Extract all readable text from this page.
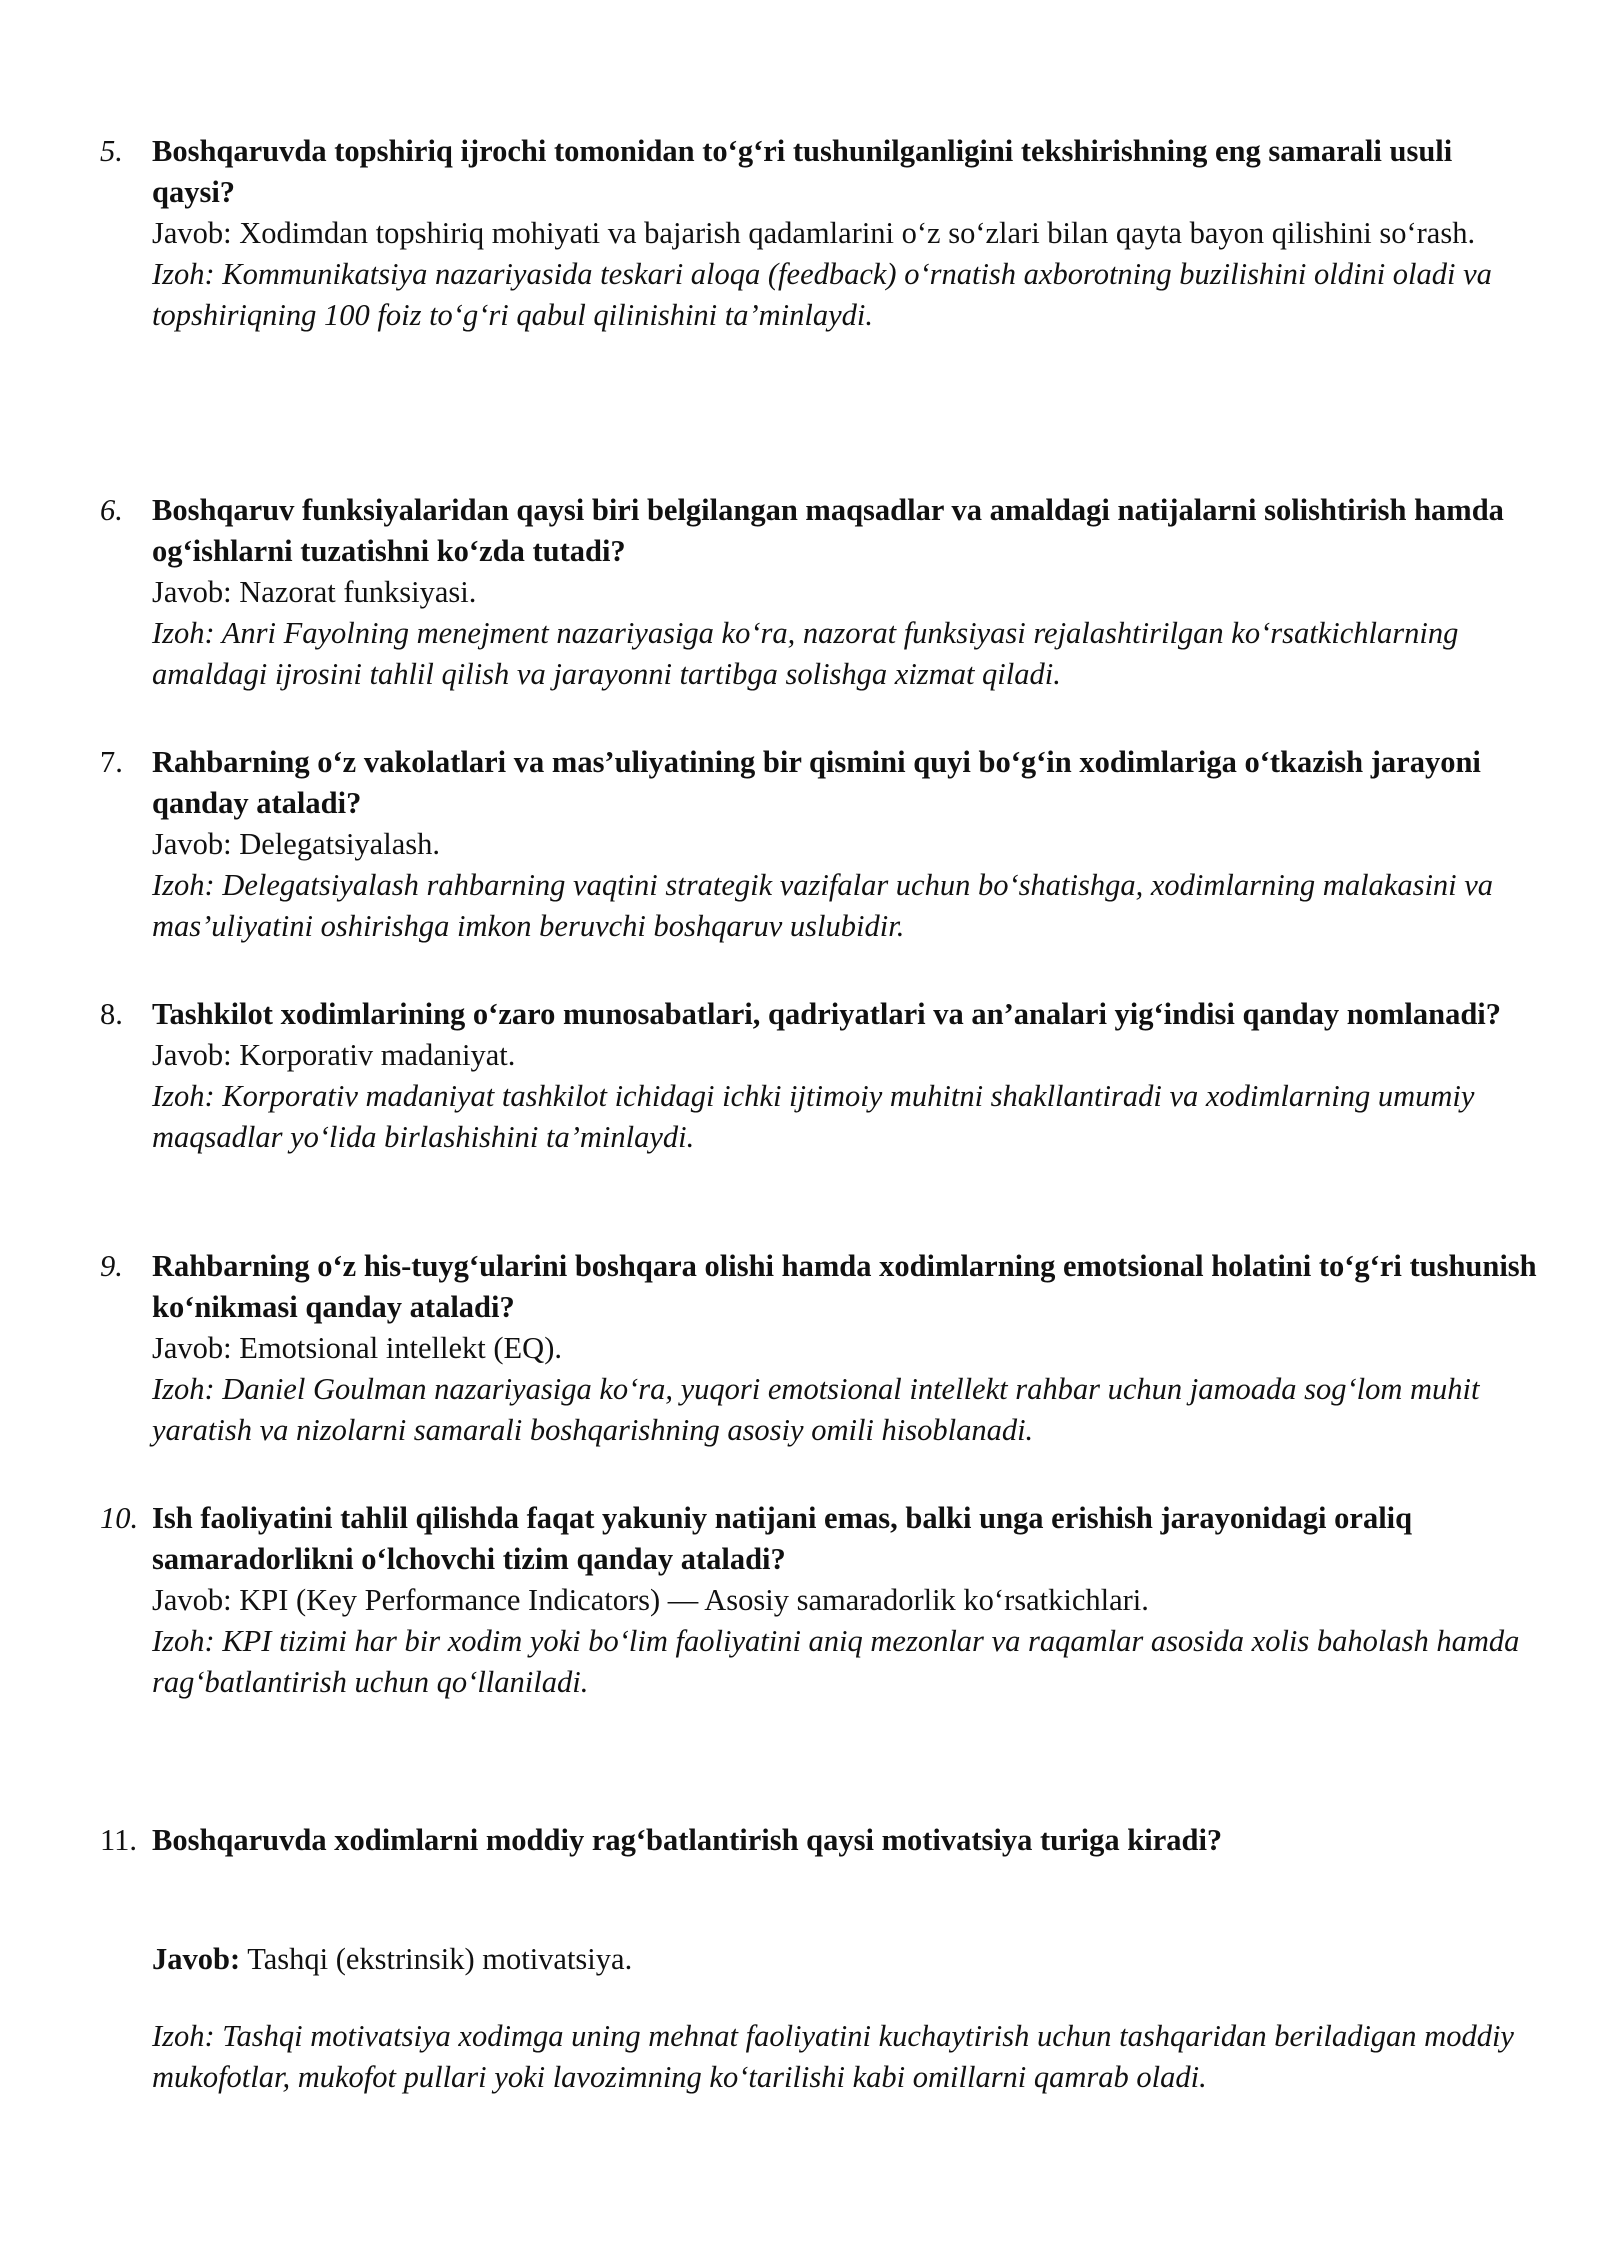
5. Boshqaruvda topshiriq ijrochi tomonidan to‘g‘ri tushunilganligini tekshirishning eng samarali usuli qaysi?

Javob: Xodimdan topshiriq mohiyati va bajarish qadamlarini o‘z so‘zlari bilan qayta bayon qilishini so‘rash.

Izoh: Kommunikatsiya nazariyasida teskari aloqa (feedback) o‘rnatish axborotning buzilishini oldini oladi va topshiriqning 100 foiz to‘g‘ri qabul qilinishini ta’minlaydi.

6. Boshqaruv funksiyalaridan qaysi biri belgilangan maqsadlar va amaldagi natijalarni solishtirish hamda og‘ishlarni tuzatishni ko‘zda tutadi?

Javob: Nazorat funksiyasi.

Izoh: Anri Fayolning menejment nazariyasiga ko‘ra, nazorat funksiyasi rejalashtirilgan ko‘rsatkichlarning amaldagi ijrosini tahlil qilish va jarayonni tartibga solishga xizmat qiladi.

7. Rahbarning o‘z vakolatlari va mas’uliyatining bir qismini quyi bo‘g‘in xodimlariga o‘tkazish jarayoni qanday ataladi?

Javob: Delegatsiyalash.

Izoh: Delegatsiyalash rahbarning vaqtini strategik vazifalar uchun bo‘shatishga, xodimlarning malakasini va mas’uliyatini oshirishga imkon beruvchi boshqaruv uslubidir.

8. Tashkilot xodimlarining o‘zaro munosabatlari, qadriyatlari va an’analari yig‘indisi qanday nomlanadi?

Javob: Korporativ madaniyat.

Izoh: Korporativ madaniyat tashkilot ichidagi ichki ijtimoiy muhitni shakllantiradi va xodimlarning umumiy maqsadlar yo‘lida birlashishini ta’minlaydi.

9. Rahbarning o‘z his-tuyg‘ularini boshqara olishi hamda xodimlarning emotsional holatini to‘g‘ri tushunish ko‘nikmasi qanday ataladi?

Javob: Emotsional intellekt (EQ).

Izoh: Daniel Goulman nazariyasiga ko‘ra, yuqori emotsional intellekt rahbar uchun jamoada sog‘lom muhit yaratish va nizolarni samarali boshqarishning asosiy omili hisoblanadi.

10. Ish faoliyatini tahlil qilishda faqat yakuniy natijani emas, balki unga erishish jarayonidagi oraliq samaradorlikni o‘lchovchi tizim qanday ataladi?

Javob: KPI (Key Performance Indicators) — Asosiy samaradorlik ko‘rsatkichlari.

Izoh: KPI tizimi har bir xodim yoki bo‘lim faoliyatini aniq mezonlar va raqamlar asosida xolis baholash hamda rag‘batlantirish uchun qo‘llaniladi.

11. Boshqaruvda xodimlarni moddiy rag‘batlantirish qaysi motivatsiya turiga kiradi?

Javob: Tashqi (ekstrinsik) motivatsiya.

Izoh: Tashqi motivatsiya xodimga uning mehnat faoliyatini kuchaytirish uchun tashqaridan beriladigan moddiy mukofotlar, mukofot pullari yoki lavozimning ko‘tarilishi kabi omillarni qamrab oladi.
